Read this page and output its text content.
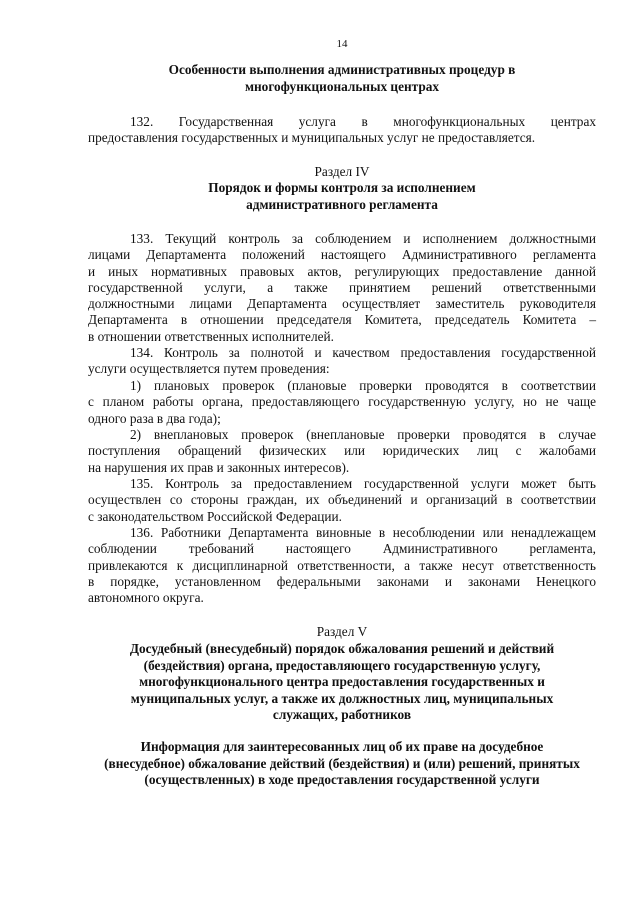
14
Особенности выполнения административных процедур в
многофункциональных центрах
132. Государственная услуга в многофункциональных центрах
предоставления государственных и муниципальных услуг не предоставляется.
Раздел IV
Порядок и формы контроля за исполнением
административного регламента
133. Текущий контроль за соблюдением и исполнением должностными
лицами Департамента положений настоящего Административного регламента
и иных нормативных правовых актов, регулирующих предоставление данной
государственной услуги, а также принятием решений ответственными
должностными лицами Департамента осуществляет заместитель руководителя
Департамента в отношении председателя Комитета, председатель Комитета –
в отношении ответственных исполнителей.
134. Контроль за полнотой и качеством предоставления государственной
услуги осуществляется путем проведения:
1) плановых проверок (плановые проверки проводятся в соответствии
с планом работы органа, предоставляющего государственную услугу, но не чаще
одного раза в два года);
2) внеплановых проверок (внеплановые проверки проводятся в случае
поступления обращений физических или юридических лиц с жалобами
на нарушения их прав и законных интересов).
135. Контроль за предоставлением государственной услуги может быть
осуществлен со стороны граждан, их объединений и организаций в соответствии
с законодательством Российской Федерации.
136. Работники Департамента виновные в несоблюдении или ненадлежащем
соблюдении требований настоящего Административного регламента,
привлекаются к дисциплинарной ответственности, а также несут ответственность
в порядке, установленном федеральными законами и законами Ненецкого
автономного округа.
Раздел V
Досудебный (внесудебный) порядок обжалования решений и действий
(бездействия) органа, предоставляющего государственную услугу,
многофункционального центра предоставления государственных и
муниципальных услуг, а также их должностных лиц, муниципальных
служащих, работников
Информация для заинтересованных лиц об их праве на досудебное
(внесудебное) обжалование действий (бездействия) и (или) решений, принятых
(осуществленных) в ходе предоставления государственной услуги
